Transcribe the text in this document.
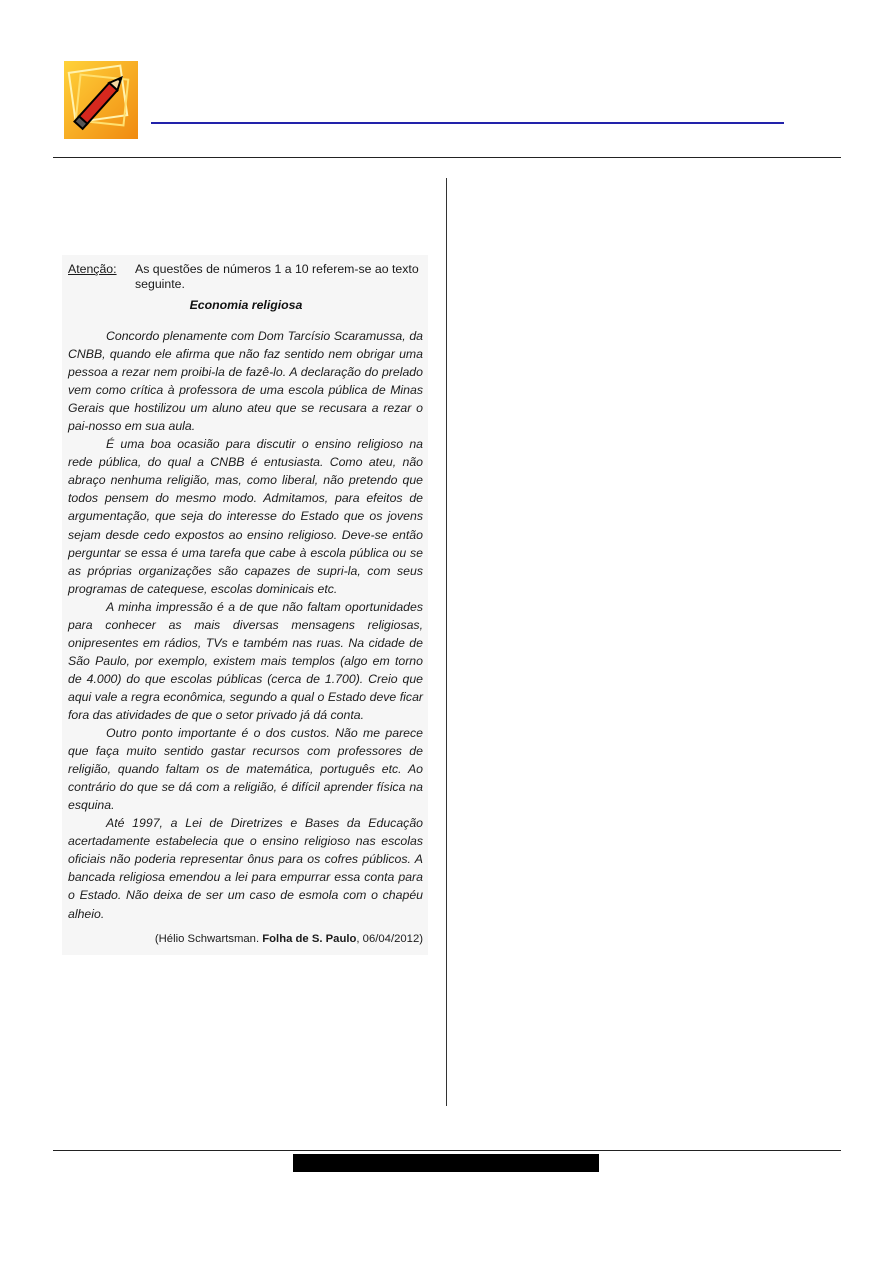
Atenção: As questões de números 1 a 10 referem-se ao texto seguinte.
Economia religiosa

Concordo plenamente com Dom Tarcísio Scaramussa, da CNBB, quando ele afirma que não faz sentido nem obrigar uma pessoa a rezar nem proibi-la de fazê-lo. A declaração do prelado vem como crítica à professora de uma escola pública de Minas Gerais que hostilizou um aluno ateu que se recusara a rezar o pai-nosso em sua aula.

É uma boa ocasião para discutir o ensino religioso na rede pública, do qual a CNBB é entusiasta. Como ateu, não abraço nenhuma religião, mas, como liberal, não pretendo que todos pensem do mesmo modo. Admitamos, para efeitos de argumentação, que seja do interesse do Estado que os jovens sejam desde cedo expostos ao ensino religioso. Deve-se então perguntar se essa é uma tarefa que cabe à escola pública ou se as próprias organizações são capazes de supri-la, com seus programas de catequese, escolas dominicais etc.

A minha impressão é a de que não faltam oportunidades para conhecer as mais diversas mensagens religiosas, onipresentes em rádios, TVs e também nas ruas. Na cidade de São Paulo, por exemplo, existem mais templos (algo em torno de 4.000) do que escolas públicas (cerca de 1.700). Creio que aqui vale a regra econômica, segundo a qual o Estado deve ficar fora das atividades de que o setor privado já dá conta.

Outro ponto importante é o dos custos. Não me parece que faça muito sentido gastar recursos com professores de religião, quando faltam os de matemática, português etc. Ao contrário do que se dá com a religião, é difícil aprender física na esquina.

Até 1997, a Lei de Diretrizes e Bases da Educação acertadamente estabelecia que o ensino religioso nas escolas oficiais não poderia representar ônus para os cofres públicos. A bancada religiosa emendou a lei para empurrar essa conta para o Estado. Não deixa de ser um caso de esmola com o chapéu alheio.

(Hélio Schwartsman. Folha de S. Paulo, 06/04/2012)
